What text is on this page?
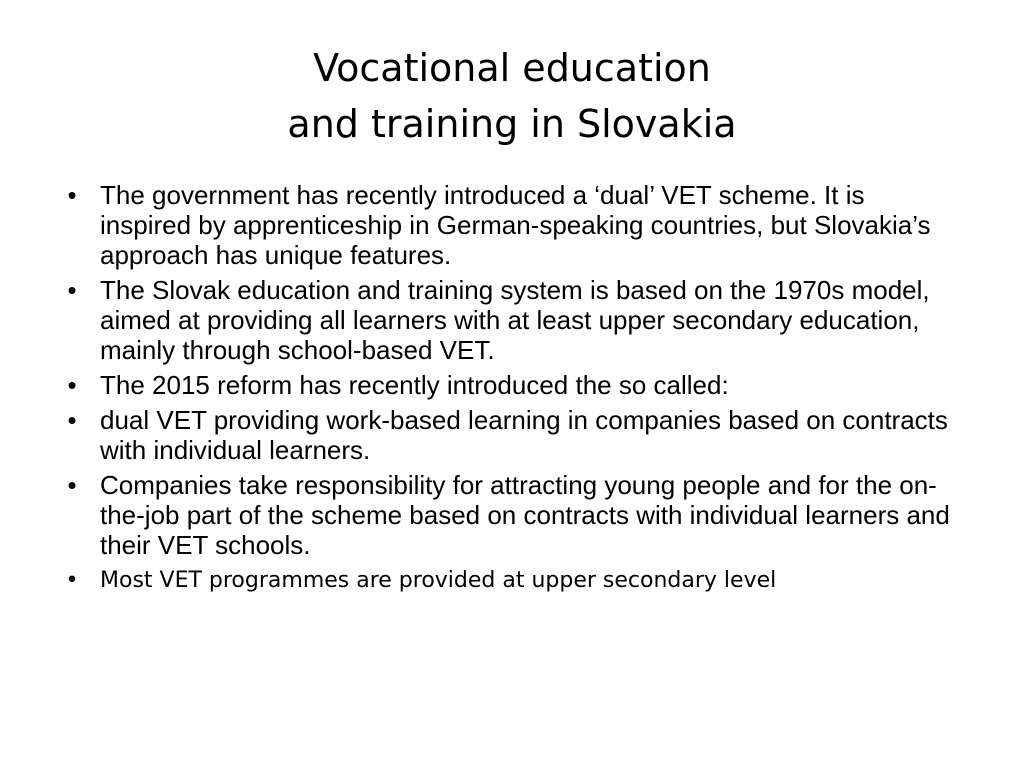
Vocational education
and training in Slovakia
• The government has recently introduced a ‘dual’ VET scheme. It is inspired by apprenticeship in German-speaking countries, but Slovakia’s approach has unique features.
• The Slovak education and training system is based on the 1970s model, aimed at providing all learners with at least upper secondary education, mainly through school-based VET.
• The 2015 reform has recently introduced the so called:
• dual VET providing work-based learning in companies based on contracts with individual learners.
• Companies take responsibility for attracting young people and for the on-the-job part of the scheme based on contracts with individual learners and their VET schools.
• Most VET programmes are provided at upper secondary level
